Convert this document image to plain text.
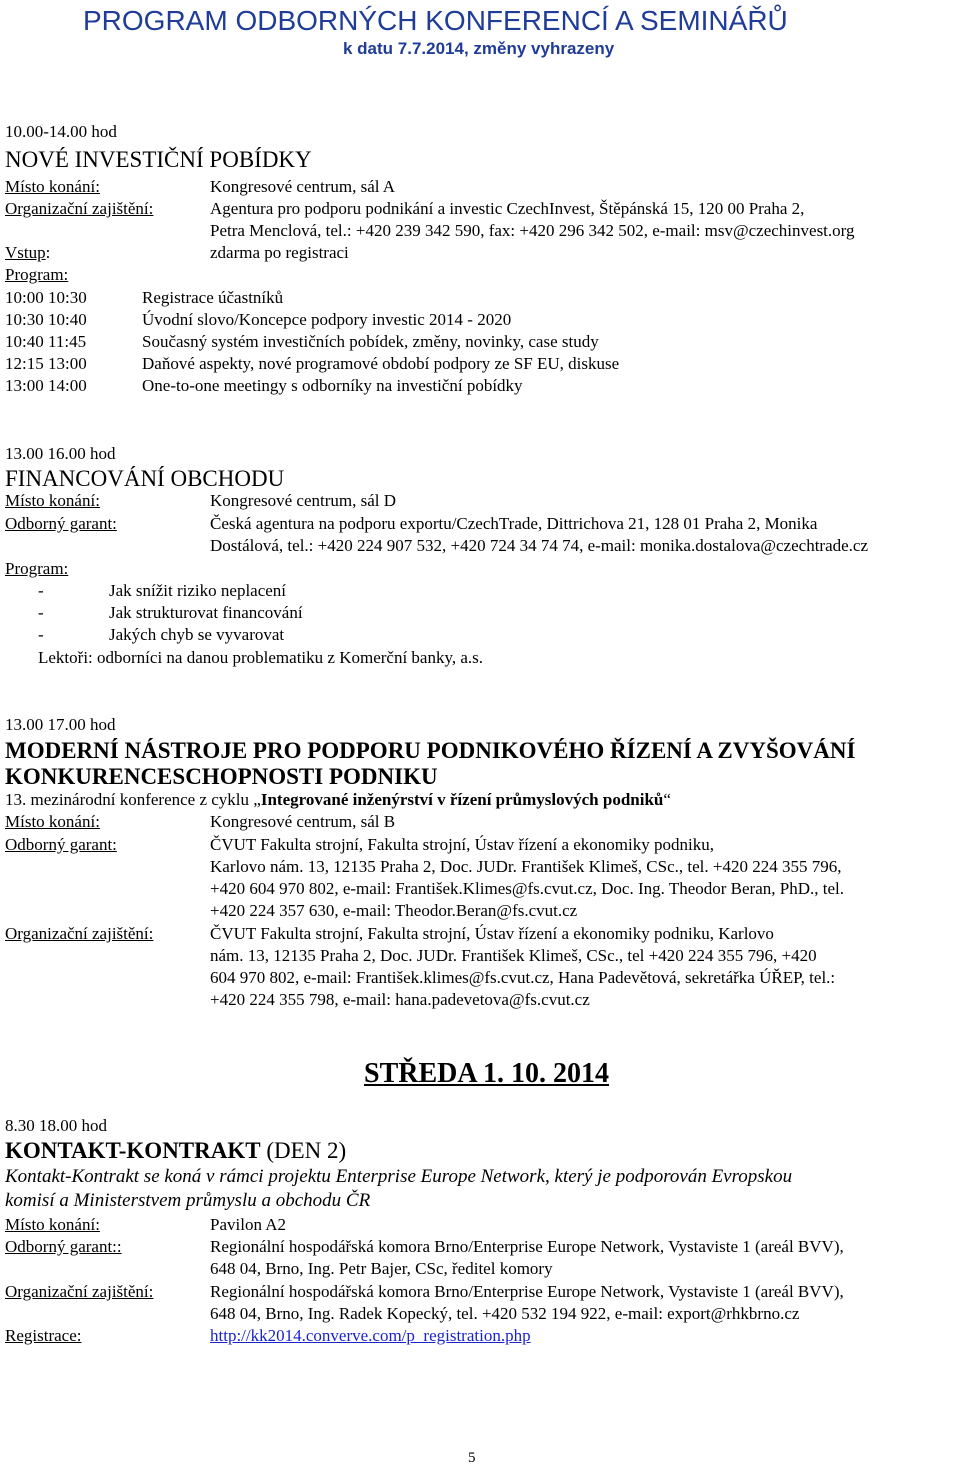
PROGRAM ODBORNÝCH KONFERENCÍ A SEMINÁŘŮ
k datu 7.7.2014, změny vyhrazeny
10.00-14.00 hod
NOVÉ INVESTIČNÍ POBÍDKY
Místo konání:	Kongresové centrum, sál A
Organizační zajištění:	Agentura pro podporu podnikání a investic CzechInvest, Štěpánská 15, 120 00 Praha 2,
Petra Menclová, tel.: +420 239 342 590, fax: +420 296 342 502, e-mail: msv@czechinvest.org
Vstup:	zdarma po registraci
Program:
10:00 10:30	Registrace účastníků
10:30 10:40	Úvodní slovo/Koncepce podpory investic 2014 - 2020
10:40 11:45	Současný systém investičních pobídek, změny, novinky, case study
12:15 13:00	Daňové aspekty, nové programové období podpory ze SF EU, diskuse
13:00 14:00	One-to-one meetingy s odborníky na investiční pobídky
13.00 16.00 hod
FINANCOVÁNÍ OBCHODU
Místo konání:	Kongresové centrum, sál D
Odborný garant:	Česká agentura na podporu exportu/CzechTrade, Dittrichova 21, 128 01 Praha 2, Monika
Dostálová, tel.: +420 224 907 532, +420 724 34 74 74, e-mail: monika.dostalova@czechtrade.cz
Program:
-	Jak snížit riziko neplacení
-	Jak strukturovat financování
-	Jakých chyb se vyvarovat
Lektoři: odborníci na danou problematiku z Komerční banky, a.s.
13.00 17.00 hod
MODERNÍ NÁSTROJE PRO PODPORU PODNIKOVÉHO ŘÍZENÍ A ZVYŠOVÁNÍ
KONKURENCESCHOPNOSTI PODNIKU
13. mezinárodní konference z cyklu „Integrované inženýrství v řízení průmyslových podniků“
Místo konání:	Kongresové centrum, sál B
Odborný garant:	ČVUT Fakulta strojní, Fakulta strojní, Ústav řízení a ekonomiky podniku,
Karlovo nám. 13, 12135 Praha 2, Doc. JUDr. František Klimeš, CSc., tel. +420 224 355 796,
+420 604 970 802, e-mail: František.Klimes@fs.cvut.cz, Doc. Ing. Theodor Beran, PhD., tel.
+420 224 357 630, e-mail: Theodor.Beran@fs.cvut.cz
Organizační zajištění:	ČVUT Fakulta strojní, Fakulta strojní, Ústav řízení a ekonomiky podniku, Karlovo
nám. 13, 12135 Praha 2, Doc. JUDr. František Klimeš, CSc., tel +420 224 355 796, +420
604 970 802, e-mail: František.klimes@fs.cvut.cz, Hana Padevětová, sekretářka ÚŘEP, tel.:
+420 224 355 798, e-mail: hana.padevetova@fs.cvut.cz
STŘEDA 1. 10. 2014
8.30 18.00 hod
KONTAKT-KONTRAKT (DEN 2)
Kontakt-Kontrakt se koná v rámci projektu Enterprise Europe Network, který je podporován Evropskou
komisí a Ministerstvem průmyslu a obchodu ČR
Místo konání:	Pavilon A2
Odborný garant::	Regionální hospodářská komora Brno/Enterprise Europe Network, Vystaviste 1 (areál BVV),
648 04, Brno, Ing. Petr Bajer, CSc, ředitel komory
Organizační zajištění:	Regionální hospodářská komora Brno/Enterprise Europe Network, Vystaviste 1 (areál BVV),
648 04, Brno, Ing. Radek Kopecký, tel. +420 532 194 922, e-mail: export@rhkbrno.cz
Registrace:	http://kk2014.converve.com/p_registration.php
5
